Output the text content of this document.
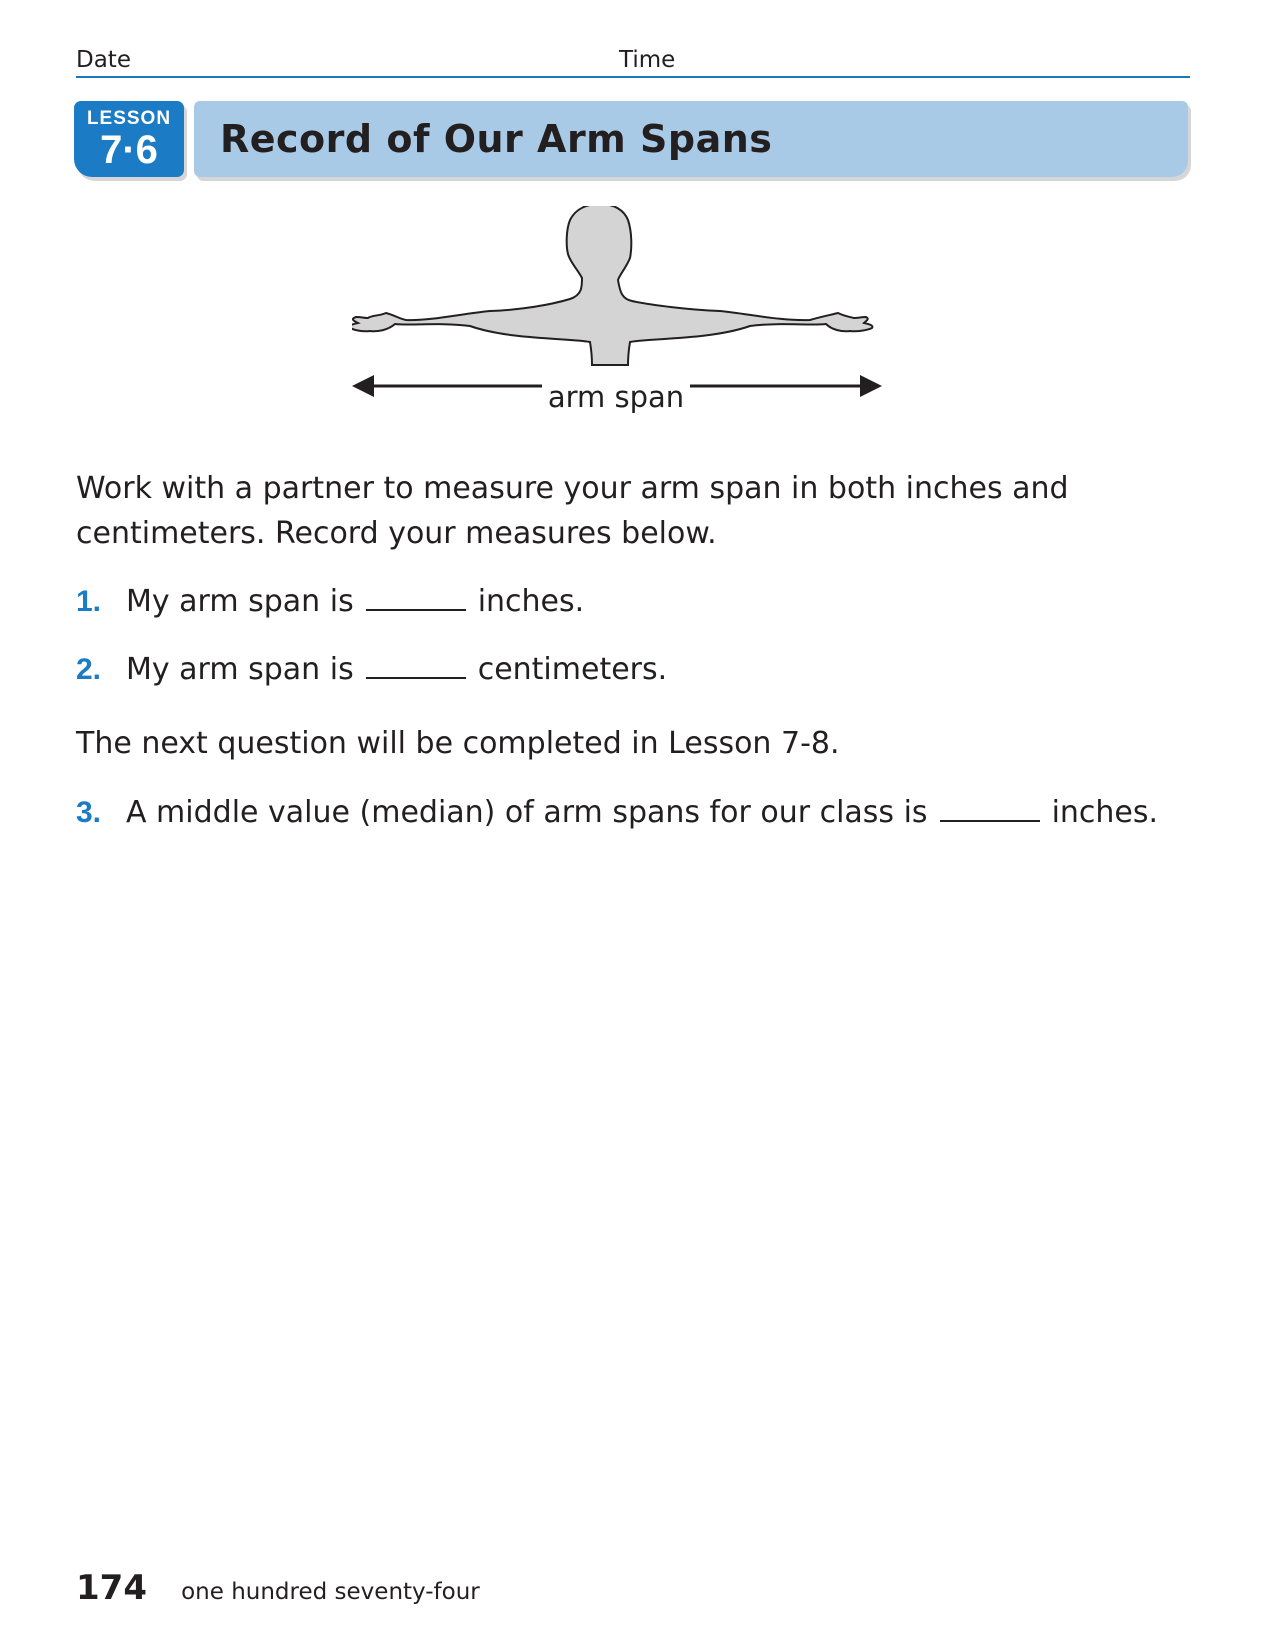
Date	Time
LESSON
7·6	Record of Our Arm Spans
arm span
Work with a partner to measure your arm span in both inches and centimeters. Record your measures below.
1. My arm span is	inches.
2. My arm span is	centimeters.
The next question will be completed in Lesson 7-8.
3. A middle value (median) of arm spans for our class is	inches.
174 one hundred seventy-four
